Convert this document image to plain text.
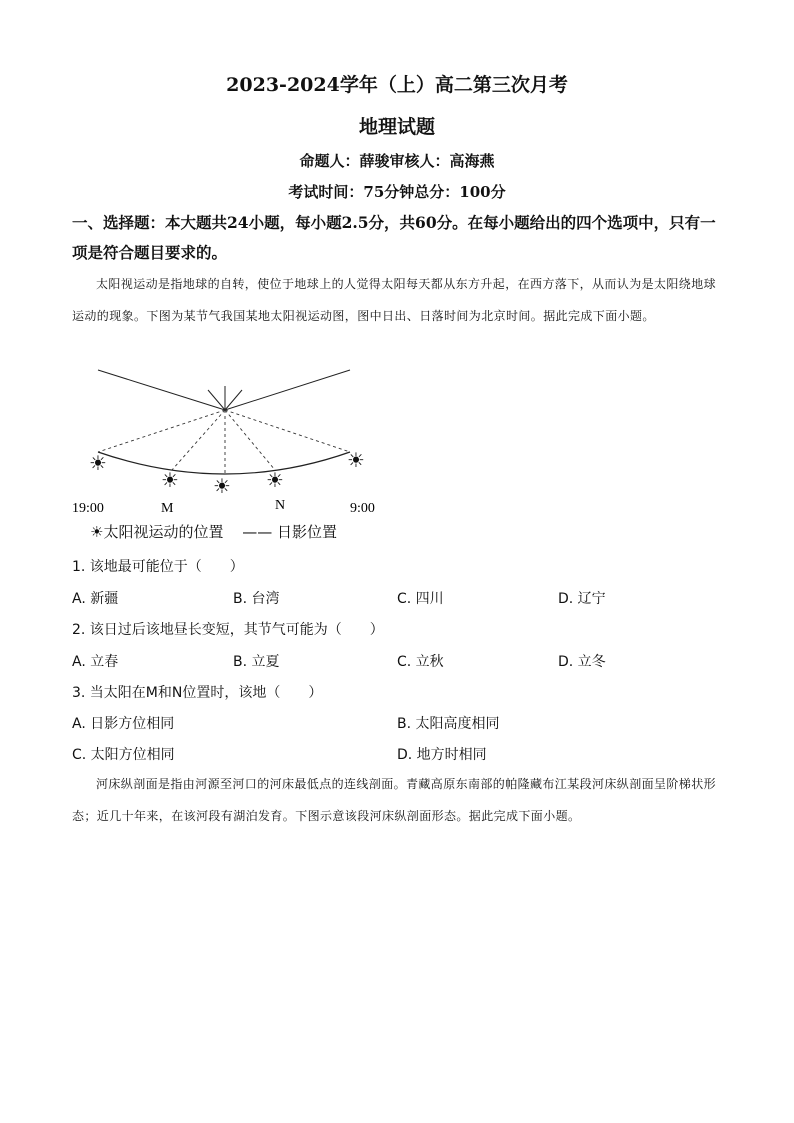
2023-2024学年（上）高二第三次月考
地理试题
命题人：薛骏审核人：高海燕
考试时间：75分钟总分：100分
一、选择题：本大题共24小题，每小题2.5分，共60分。在每小题给出的四个选项中，只有一项是符合题目要求的。
太阳视运动是指地球的自转，使位于地球上的人觉得太阳每天都从东方升起，在西方落下，从而认为是太阳绕地球运动的现象。下图为某节气我国某地太阳视运动图，图中日出、日落时间为北京时间。据此完成下面小题。
☀
☀ ☀ ☀
☀
19:00	M	N	9:00
☀太阳视运动的位置 —— 日影位置
1. 该地最可能位于（　　）
A. 新疆	B. 台湾	C. 四川	D. 辽宁
2. 该日过后该地昼长变短，其节气可能为（　　）
A. 立春	B. 立夏	C. 立秋	D. 立冬
3. 当太阳在M和N位置时，该地（　　）
A. 日影方位相同	B. 太阳高度相同
C. 太阳方位相同	D. 地方时相同
河床纵剖面是指由河源至河口的河床最低点的连线剖面。青藏高原东南部的帕隆藏布江某段河床纵剖面呈阶梯状形态；近几十年来，在该河段有湖泊发育。下图示意该段河床纵剖面形态。据此完成下面小题。
